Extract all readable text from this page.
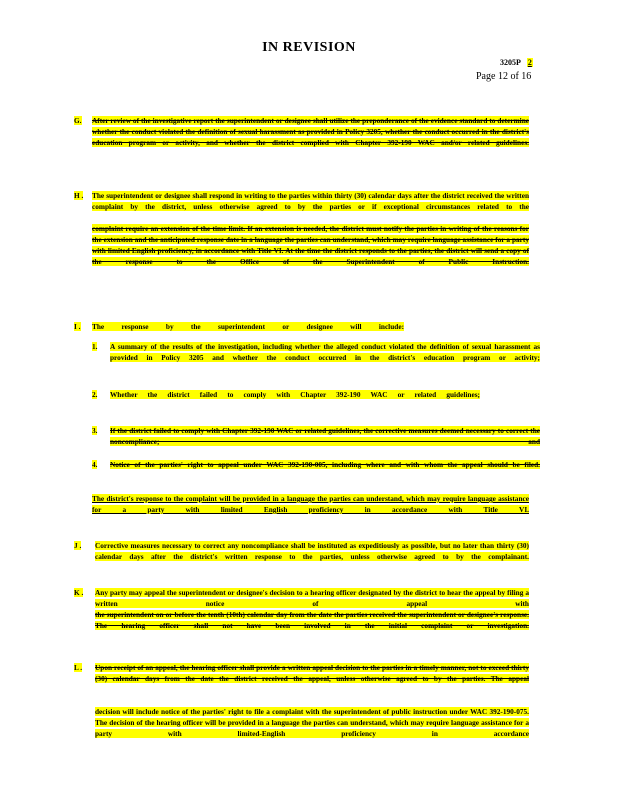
IN REVISION
3205P 2
Page 12 of 16
G. After review of the investigative report the superintendent or designee shall utilize the preponderance of the evidence standard to determine whether the conduct violated the definition of sexual harassment as provided in Policy 3205, whether the conduct occurred in the district's education program or activity, and whether the district complied with Chapter 392-190 WAC and/or related guidelines.
H . The superintendent or designee shall respond in writing to the parties within thirty (30) calendar days after the district received the written complaint by the district, unless otherwise agreed to by the parties or if exceptional circumstances related to the
complaint require an extension of the time limit. If an extension is needed, the district must notify the parties in writing of the reasons for the extension and the anticipated response date in a language the parties can understand, which may require language assistance for a party with limited English proficiency, in accordance with Title VI. At the time the district responds to the parties, the district will send a copy of the response to the Office of the Superintendent of Public Instruction.
I . The response by the superintendent or designee will include:
1. A summary of the results of the investigation, including whether the alleged conduct violated the definition of sexual harassment as provided in Policy 3205 and whether the conduct occurred in the district's education program or activity;
2. Whether the district failed to comply with Chapter 392-190 WAC or related guidelines;
3. If the district failed to comply with Chapter 392-190 WAC or related guidelines, the corrective measures deemed necessary to correct the noncompliance; and
4. Notice of the parties' right to appeal under WAC 392-190-005, including where and with whom the appeal should be filed.
The district's response to the complaint will be provided in a language the parties can understand, which may require language assistance for a party with limited English proficiency in accordance with Title VI.
J . Corrective measures necessary to correct any noncompliance shall be instituted as expeditiously as possible, but no later than thirty (30) calendar days after the district's written response to the parties, unless otherwise agreed to by the complainant.
K . Any party may appeal the superintendent or designee's decision to a hearing officer designated by the district to hear the appeal by filing a written notice of appeal with
the superintendent on or before the tenth (10th) calendar day from the date the parties received the superintendent or designee's response. The hearing officer shall not have been involved in the initial complaint or investigation.
L . Upon receipt of an appeal, the hearing officer shall provide a written appeal decision to the parties in a timely manner, not to exceed thirty (30) calendar days from the date the district received the appeal, unless otherwise agreed to by the parties. The appeal
decision will include notice of the parties' right to file a complaint with the superintendent of public instruction under WAC 392-190-075. The decision of the hearing officer will be provided in a language the parties can understand, which may require language assistance for a party with limited-English proficiency in accordance
